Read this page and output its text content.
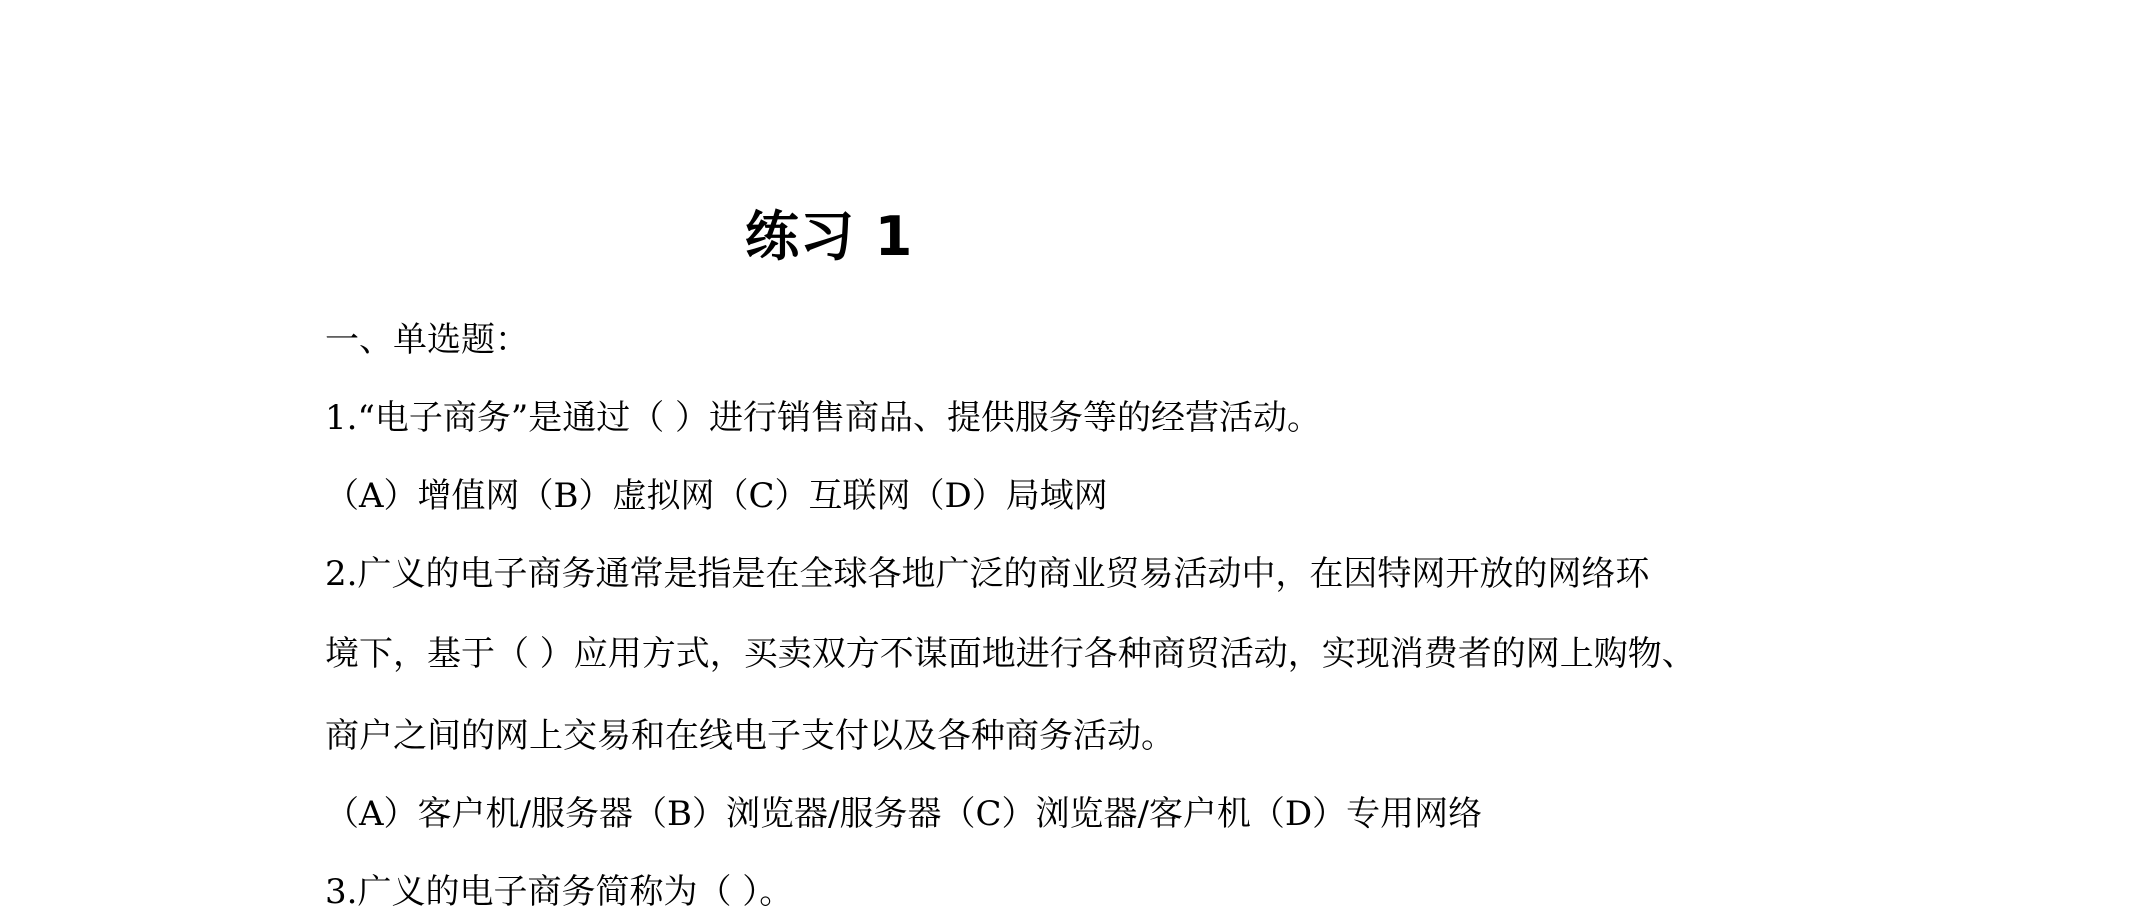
练习 1

一、单选题：

1.“电子商务”是通过（ ）进行销售商品、提供服务等的经营活动。

（A）增值网（B）虚拟网（C）互联网（D）局域网

2.广义的电子商务通常是指是在全球各地广泛的商业贸易活动中，在因特网开放的网络环

境下，基于（ ）应用方式，买卖双方不谋面地进行各种商贸活动，实现消费者的网上购物、

商户之间的网上交易和在线电子支付以及各种商务活动。

（A）客户机/服务器（B）浏览器/服务器（C）浏览器/客户机（D）专用网络

3.广义的电子商务简称为（ ）。
